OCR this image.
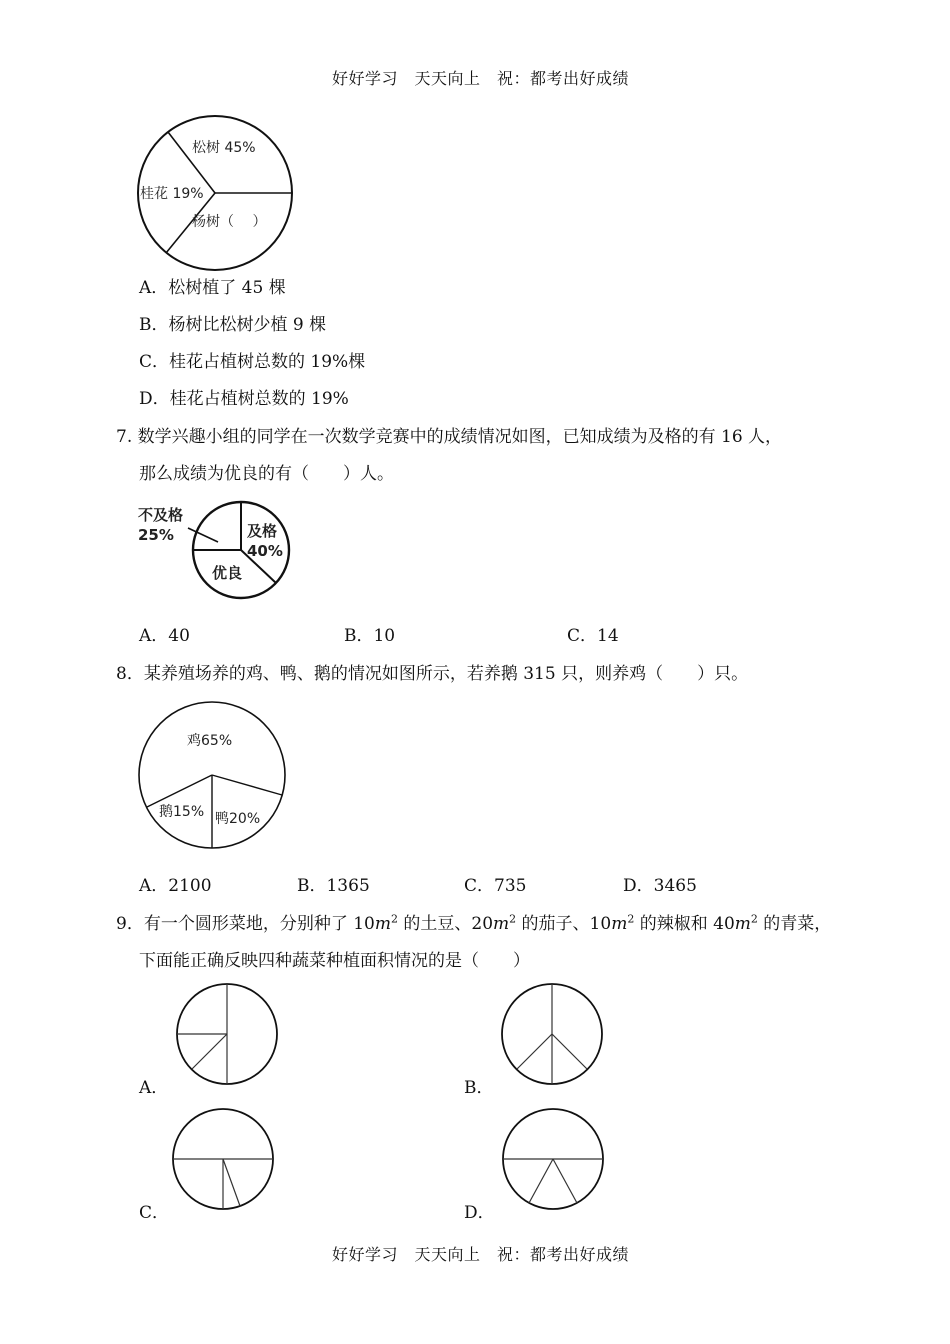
好好学习　天天向上　祝：都考出好成绩
松树 45%
桂花 19%
杨树（　 ）
A．松树植了 45 棵
B．杨树比松树少植 9 棵
C．桂花占植树总数的 19%棵
D．桂花占植树总数的 19%
7. 数学兴趣小组的同学在一次数学竞赛中的成绩情况如图，已知成绩为及格的有 16 人，
那么成绩为优良的有（　　）人。
不及格
25%	及格
40%
优良
A．40	B．10	C．14
8．某养殖场养的鸡、鸭、鹅的情况如图所示，若养鹅 315 只，则养鸡（　　）只。
鸡65%
鹅15% 鸭20%
A．2100	B．1365	C．735	D．3465
9．有一个圆形菜地，分别种了 $10m^2$ 的土豆、$20m^2$ 的茄子、$10m^2$ 的辣椒和 $40m^2$ 的青菜，
下面能正确反映四种蔬菜种植面积情况的是（　　）
A．	B．
C．	D．
好好学习　天天向上　祝：都考出好成绩
